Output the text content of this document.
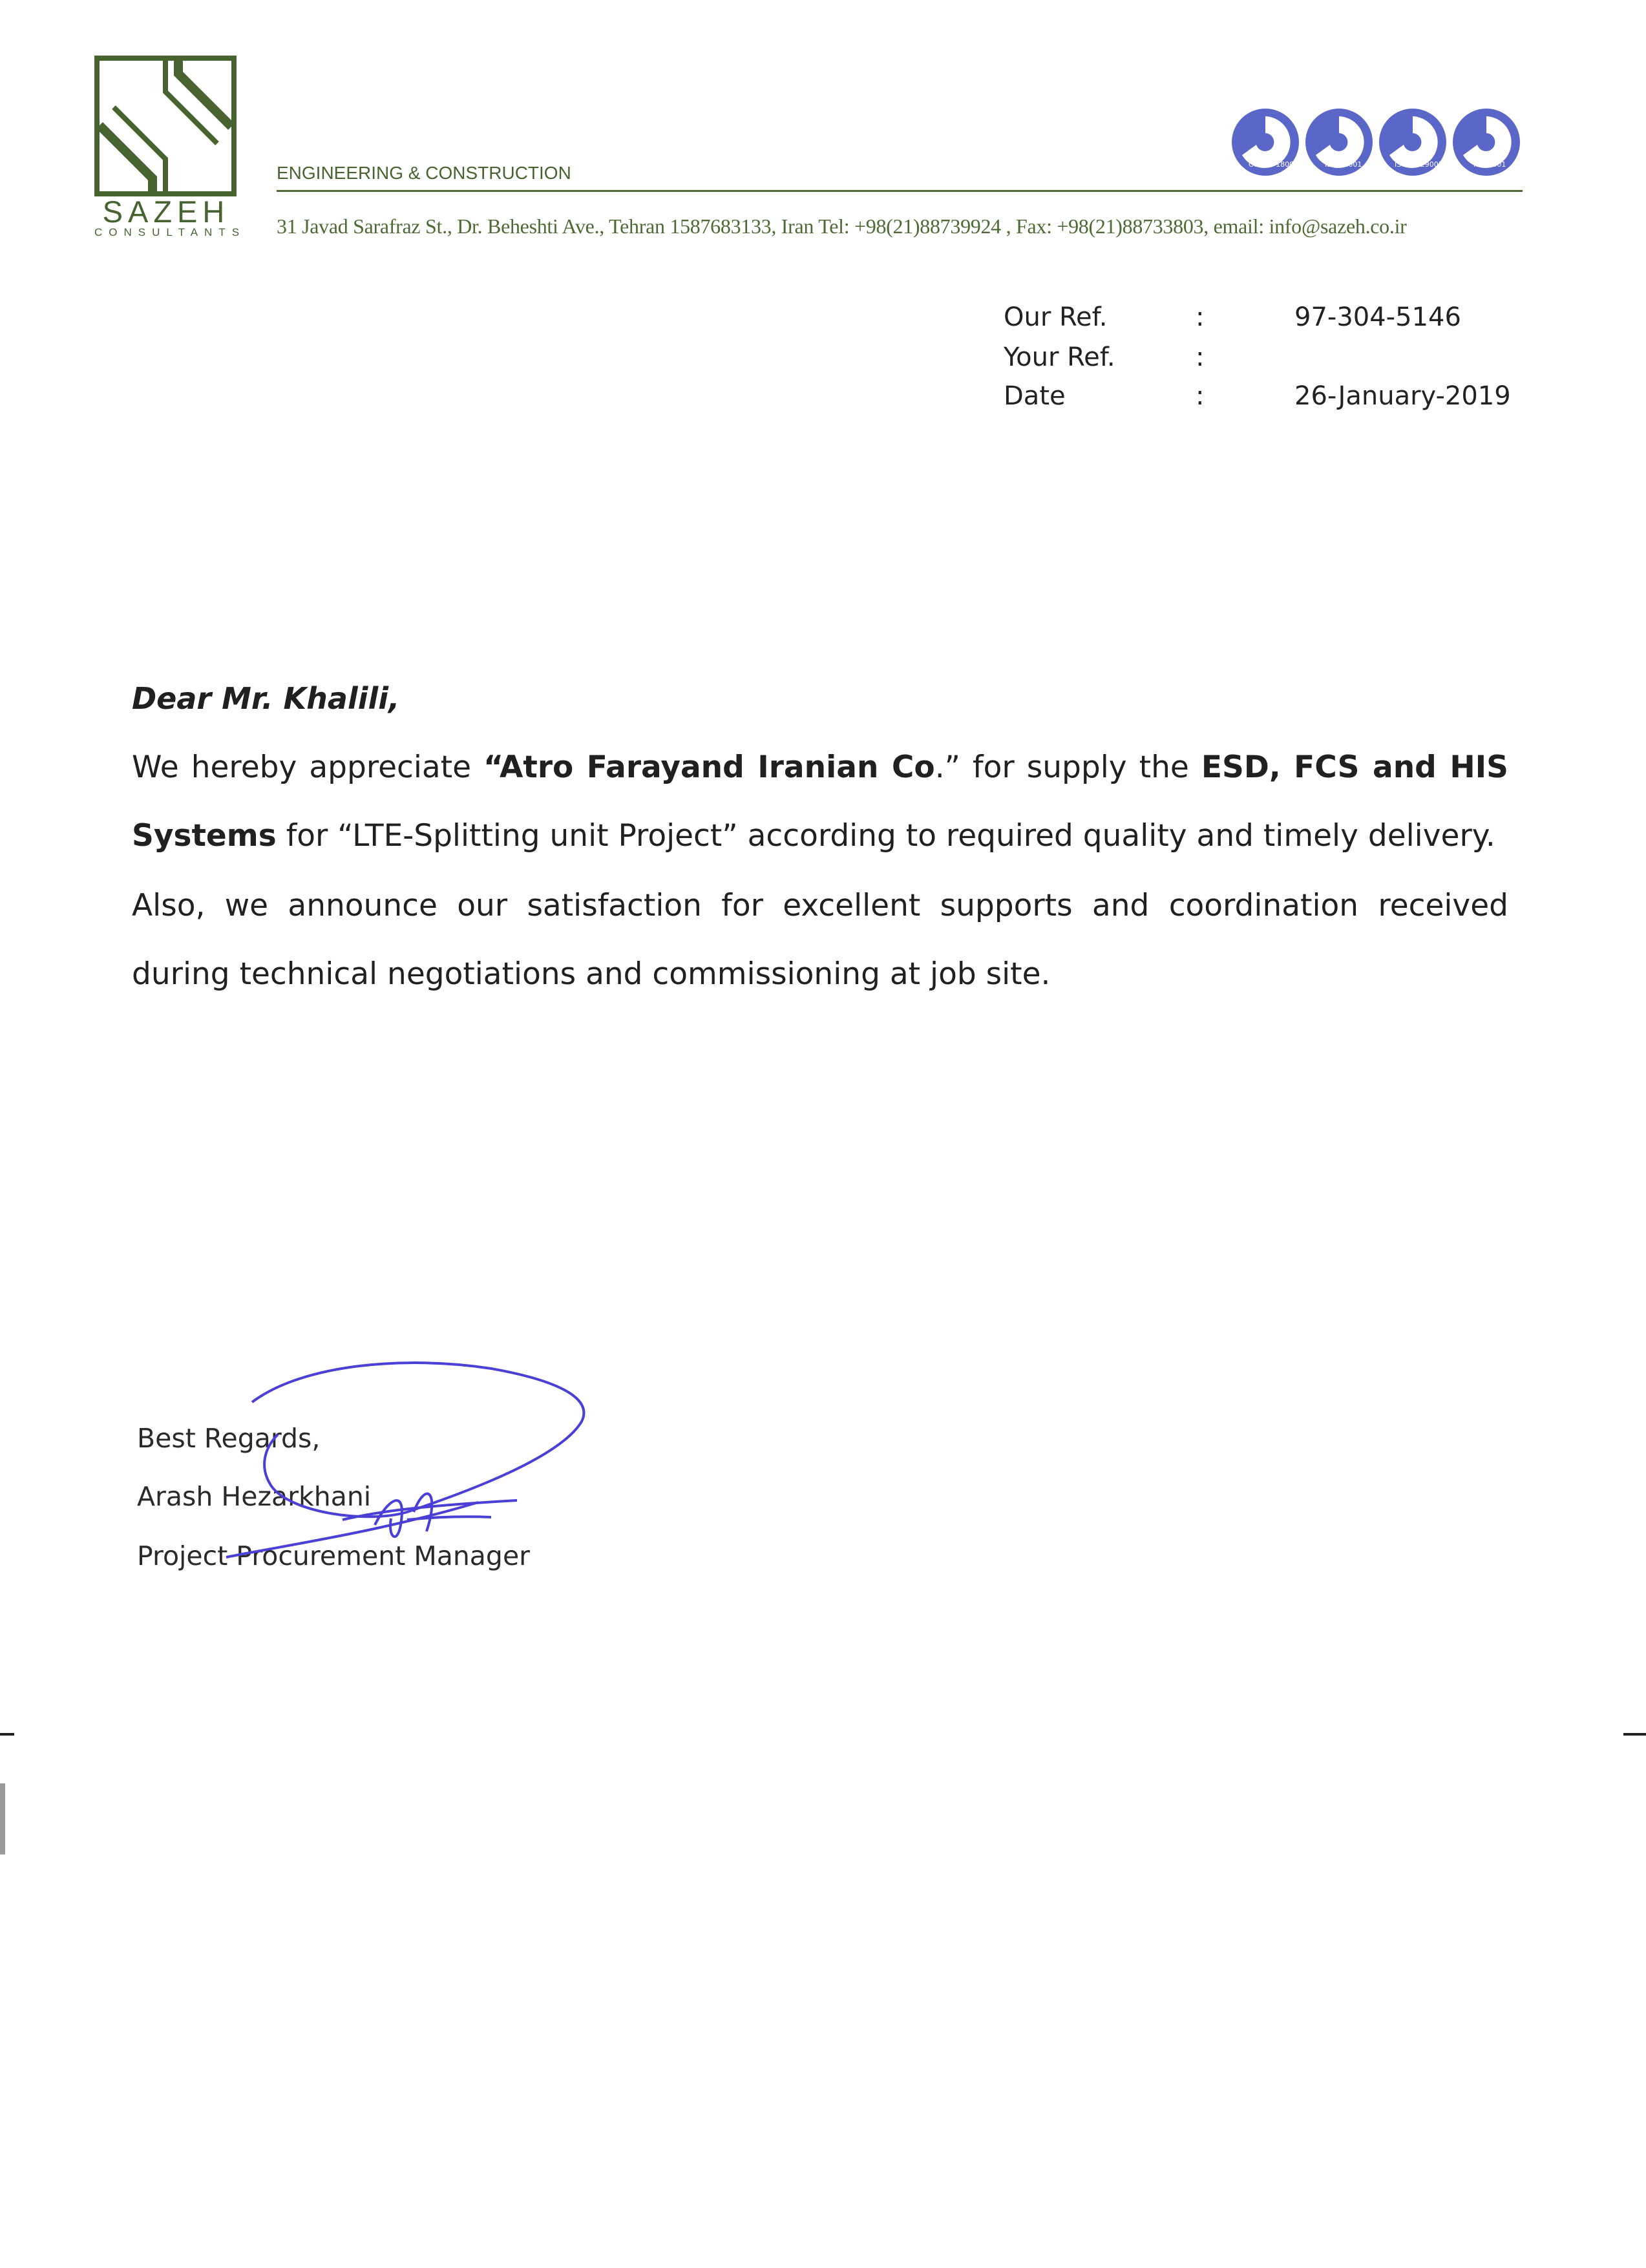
SAZEH
CONSULTANTS
ENGINEERING & CONSTRUCTION
31 Javad Sarafraz St., Dr. Beheshti Ave., Tehran 1587683133, Iran Tel: +98(21)88739924 , Fax: +98(21)88733803, email: info@sazeh.co.ir
OHSAS 18001	ISO 14001	ISO/TS 29001	ISO 9001
Our Ref.	:	97-304-5146
Your Ref.	:
Date	:	26-January-2019
Dear Mr. Khalili,
We hereby appreciate “Atro Farayand Iranian Co.” for supply the ESD, FCS and HIS
Systems for “LTE-Splitting unit Project” according to required quality and timely delivery.
Also, we announce our satisfaction for excellent supports and coordination received
during technical negotiations and commissioning at job site.
Best Regards,
Arash Hezarkhani
Project Procurement Manager
